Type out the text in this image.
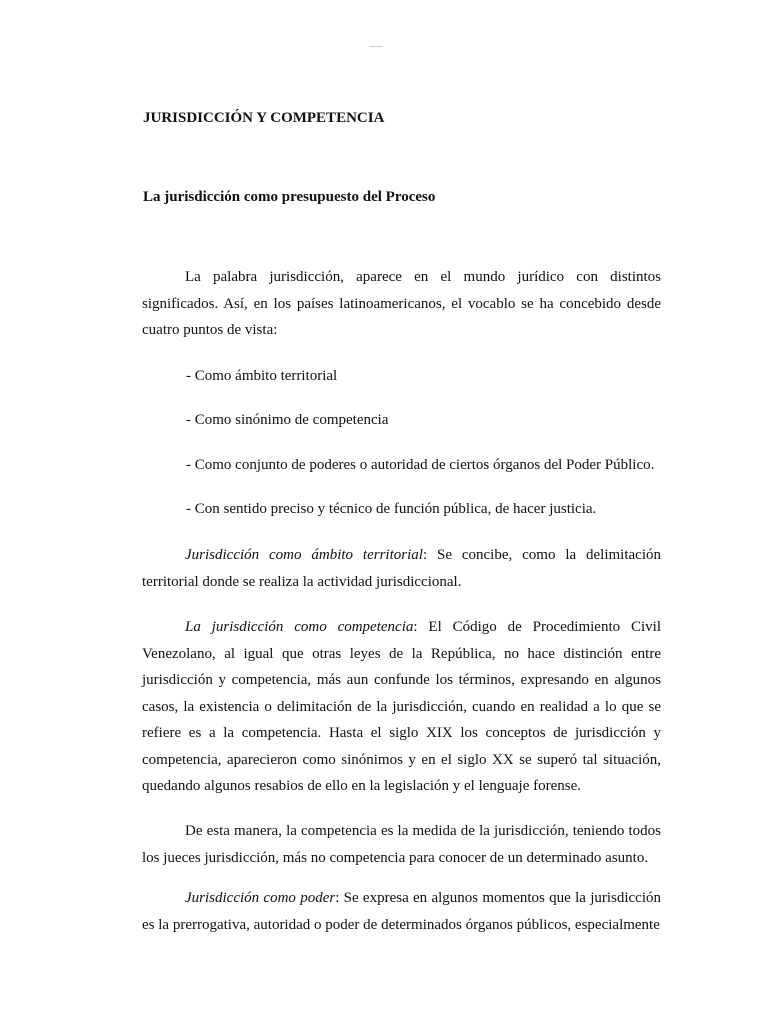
JURISDICCIÓN Y COMPETENCIA
La jurisdicción como presupuesto del Proceso

La palabra jurisdicción, aparece en el mundo jurídico con distintos significados. Así, en los países latinoamericanos, el vocablo se ha concebido desde cuatro puntos de vista:

- Como ámbito territorial

- Como sinónimo de competencia

- Como conjunto de poderes o autoridad de ciertos órganos del Poder Público.

- Con sentido preciso y técnico de función pública, de hacer justicia.

Jurisdicción como ámbito territorial: Se concibe, como la delimitación territorial donde se realiza la actividad jurisdiccional.

La jurisdicción como competencia: El Código de Procedimiento Civil Venezolano, al igual que otras leyes de la República, no hace distinción entre jurisdicción y competencia, más aun confunde los términos, expresando en algunos casos, la existencia o delimitación de la jurisdicción, cuando en realidad a lo que se refiere es a la competencia. Hasta el siglo XIX los conceptos de jurisdicción y competencia, aparecieron como sinónimos y en el siglo XX se superó tal situación, quedando algunos resabios de ello en la legislación y el lenguaje forense.

De esta manera, la competencia es la medida de la jurisdicción, teniendo todos los jueces jurisdicción, más no competencia para conocer de un determinado asunto.

Jurisdicción como poder: Se expresa en algunos momentos que la jurisdicción es la prerrogativa, autoridad o poder de determinados órganos públicos, especialmente
